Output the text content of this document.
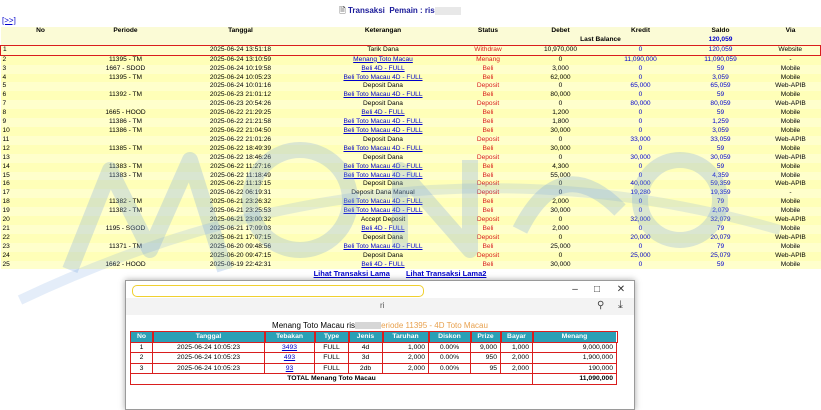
🗎 Transaksi Pemain : ris
[>>]
No	Periode	Tanggal	Keterangan	Status	Debet	Kredit	Saldo	Via
					Last Balance		120,059	
1		2025-06-24 13:51:18	Tarik Dana	Withdraw	10,970,000	0	120,059	Website
2	11395 - TM	2025-06-24 13:10:59	Menang Toto Macau	Menang	0	11,090,000	11,090,059	-
3	1667 - SDOD	2025-06-24 10:19:58	Beli 4D - FULL	Beli	3,000	0	59	Mobile
4	11395 - TM	2025-06-24 10:05:23	Beli Toto Macau 4D - FULL	Beli	62,000	0	3,059	Mobile
5		2025-06-24 10:01:16	Deposit Dana	Deposit	0	65,000	65,059	Web-APIB
6	11392 - TM	2025-06-23 21:01:12	Beli Toto Macau 4D - FULL	Beli	80,000	0	59	Mobile
7		2025-06-23 20:54:26	Deposit Dana	Deposit	0	80,000	80,059	Web-APIB
8	1665 - HOOD	2025-06-22 21:29:25	Beli 4D - FULL	Beli	1,200	0	59	Mobile
9	11386 - TM	2025-06-22 21:21:58	Beli Toto Macau 4D - FULL	Beli	1,800	0	1,259	Mobile
10	11386 - TM	2025-06-22 21:04:50	Beli Toto Macau 4D - FULL	Beli	30,000	0	3,059	Mobile
11		2025-06-22 21:01:26	Deposit Dana	Deposit	0	33,000	33,059	Web-APIB
12	11385 - TM	2025-06-22 18:49:39	Beli Toto Macau 4D - FULL	Beli	30,000	0	59	Mobile
13		2025-06-22 18:46:26	Deposit Dana	Deposit	0	30,000	30,059	Web-APIB
14	11383 - TM	2025-06-22 11:27:16	Beli Toto Macau 4D - FULL	Beli	4,300	0	59	Mobile
15	11383 - TM	2025-06-22 11:18:49	Beli Toto Macau 4D - FULL	Beli	55,000	0	4,359	Mobile
16		2025-06-22 11:13:15	Deposit Dana	Deposit	0	40,000	59,359	Web-APIB
17		2025-06-22 06:19:31	Deposit Dana Manual	Deposit	0	19,280	19,359	-
18	11382 - TM	2025-06-21 23:26:32	Beli Toto Macau 4D - FULL	Beli	2,000	0	79	Mobile
19	11382 - TM	2025-06-21 23:25:53	Beli Toto Macau 4D - FULL	Beli	30,000	0	2,079	Mobile
20		2025-06-21 23:00:32	Accept Deposit	Deposit	0	32,000	32,079	Web-APIB
21	1195 - SGOD	2025-06-21 17:09:03	Beli 4D - FULL	Beli	2,000	0	79	Mobile
22		2025-06-21 17:07:15	Deposit Dana	Deposit	0	20,000	20,079	Web-APIB
23	11371 - TM	2025-06-20 09:48:56	Beli Toto Macau 4D - FULL	Beli	25,000	0	79	Mobile
24		2025-06-20 09:47:15	Deposit Dana	Deposit	0	25,000	25,079	Web-APIB
25	1662 - HOOD	2025-06-19 22:42:31	Beli 4D - FULL	Beli	30,000	0	59	Mobile
Lihat Transaksi Lama Lihat Transaksi Lama2
–	□	✕
ri	⚲ ⤓
Menang Toto Macau ris	eriode 11395 - 4D Toto Macau
No	Tanggal	Tebakan	Type	Jenis	Taruhan	Diskon	Prize	Bayar	Menang
1	2025-06-24 10:05:23	3493	FULL	4d	1,000	0.00%	9,000	1,000	9,000,000
2	2025-06-24 10:05:23	493	FULL	3d	2,000	0.00%	950	2,000	1,900,000
3	2025-06-24 10:05:23	93	FULL	2db	2,000	0.00%	95	2,000	190,000
TOTAL Menang Toto Macau									11,090,000
